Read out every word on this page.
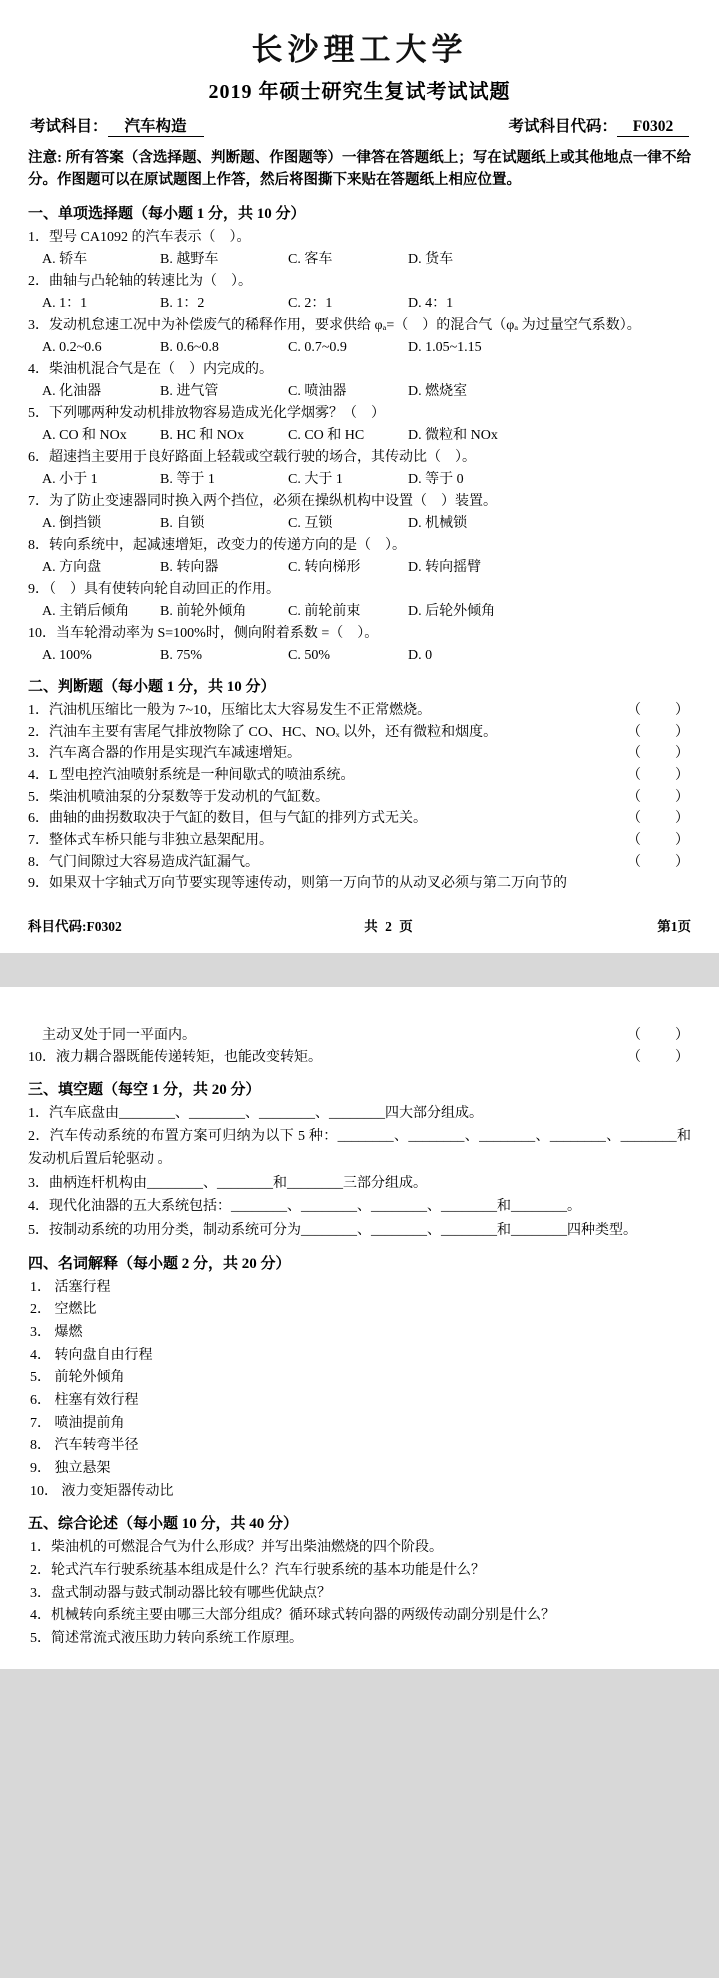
长沙理工大学
2019 年硕士研究生复试考试试题
考试科目： 汽车构造	考试科目代码： F0302
注意: 所有答案（含选择题、判断题、作图题等）一律答在答题纸上；写在试题纸上或其他地点一律不给分。作图题可以在原试题图上作答，然后将图撕下来贴在答题纸上相应位置。
一、单项选择题（每小题 1 分，共 10 分）
1．型号 CA1092 的汽车表示（　）。
A. 轿车	B. 越野车	C. 客车	D. 货车
2．曲轴与凸轮轴的转速比为（　）。
A. 1：1	B. 1：2	C. 2：1	D. 4：1
3．发动机怠速工况中为补偿废气的稀释作用，要求供给 φₐ=（　）的混合气（φₐ 为过量空气系数）。
A. 0.2~0.6	B. 0.6~0.8	C. 0.7~0.9	D. 1.05~1.15
4．柴油机混合气是在（　）内完成的。
A. 化油器	B. 进气管	C. 喷油器	D. 燃烧室
5．下列哪两种发动机排放物容易造成光化学烟雾？（　）
A. CO 和 NOx	B. HC 和 NOx	C. CO 和 HC	D. 微粒和 NOx
6．超速挡主要用于良好路面上轻载或空载行驶的场合，其传动比（　）。
A. 小于 1	B. 等于 1	C. 大于 1	D. 等于 0
7．为了防止变速器同时换入两个挡位，必须在操纵机构中设置（　）装置。
A. 倒挡锁	B. 自锁	C. 互锁	D. 机械锁
8．转向系统中，起减速增矩，改变力的传递方向的是（　）。
A. 方向盘	B. 转向器	C. 转向梯形	D. 转向摇臂
9．（　）具有使转向轮自动回正的作用。
A. 主销后倾角	B. 前轮外倾角	C. 前轮前束	D. 后轮外倾角
10．当车轮滑动率为 S=100%时，侧向附着系数 =（　）。
A. 100%	B. 75%	C. 50%	D. 0
二、判断题（每小题 1 分，共 10 分）
1．汽油机压缩比一般为 7~10，压缩比太大容易发生不正常燃烧。	（　　）
2．汽油车主要有害尾气排放物除了 CO、HC、NOₓ 以外，还有微粒和烟度。	（　　）
3．汽车离合器的作用是实现汽车减速增矩。	（　　）
4．L 型电控汽油喷射系统是一种间歇式的喷油系统。	（　　）
5．柴油机喷油泵的分泵数等于发动机的气缸数。	（　　）
6．曲轴的曲拐数取决于气缸的数目，但与气缸的排列方式无关。	（　　）
7．整体式车桥只能与非独立悬架配用。	（　　）
8．气门间隙过大容易造成汽缸漏气。	（　　）
9．如果双十字轴式万向节要实现等速传动，则第一万向节的从动叉必须与第二万向节的
科目代码:F0302	共 2 页	第1页
主动叉处于同一平面内。	（　　）
10．液力耦合器既能传递转矩，也能改变转矩。	（　　）
三、填空题（每空 1 分，共 20 分）
1．汽车底盘由________、________、________、________四大部分组成。
2．汽车传动系统的布置方案可归纳为以下 5 种：________、________、________、________、________和发动机后置后轮驱动 。
3．曲柄连杆机构由________、________和________三部分组成。
4．现代化油器的五大系统包括：________、________、________、________和________。
5．按制动系统的功用分类，制动系统可分为________、________、________和________四种类型。
四、名词解释（每小题 2 分，共 20 分）
1． 活塞行程
2． 空燃比
3． 爆燃
4． 转向盘自由行程
5． 前轮外倾角
6． 柱塞有效行程
7． 喷油提前角
8． 汽车转弯半径
9． 独立悬架
10． 液力变矩器传动比
五、综合论述（每小题 10 分，共 40 分）
1．柴油机的可燃混合气为什么形成？并写出柴油燃烧的四个阶段。
2．轮式汽车行驶系统基本组成是什么？汽车行驶系统的基本功能是什么？
3．盘式制动器与鼓式制动器比较有哪些优缺点？
4．机械转向系统主要由哪三大部分组成？循环球式转向器的两级传动副分别是什么？
5．简述常流式液压助力转向系统工作原理。
